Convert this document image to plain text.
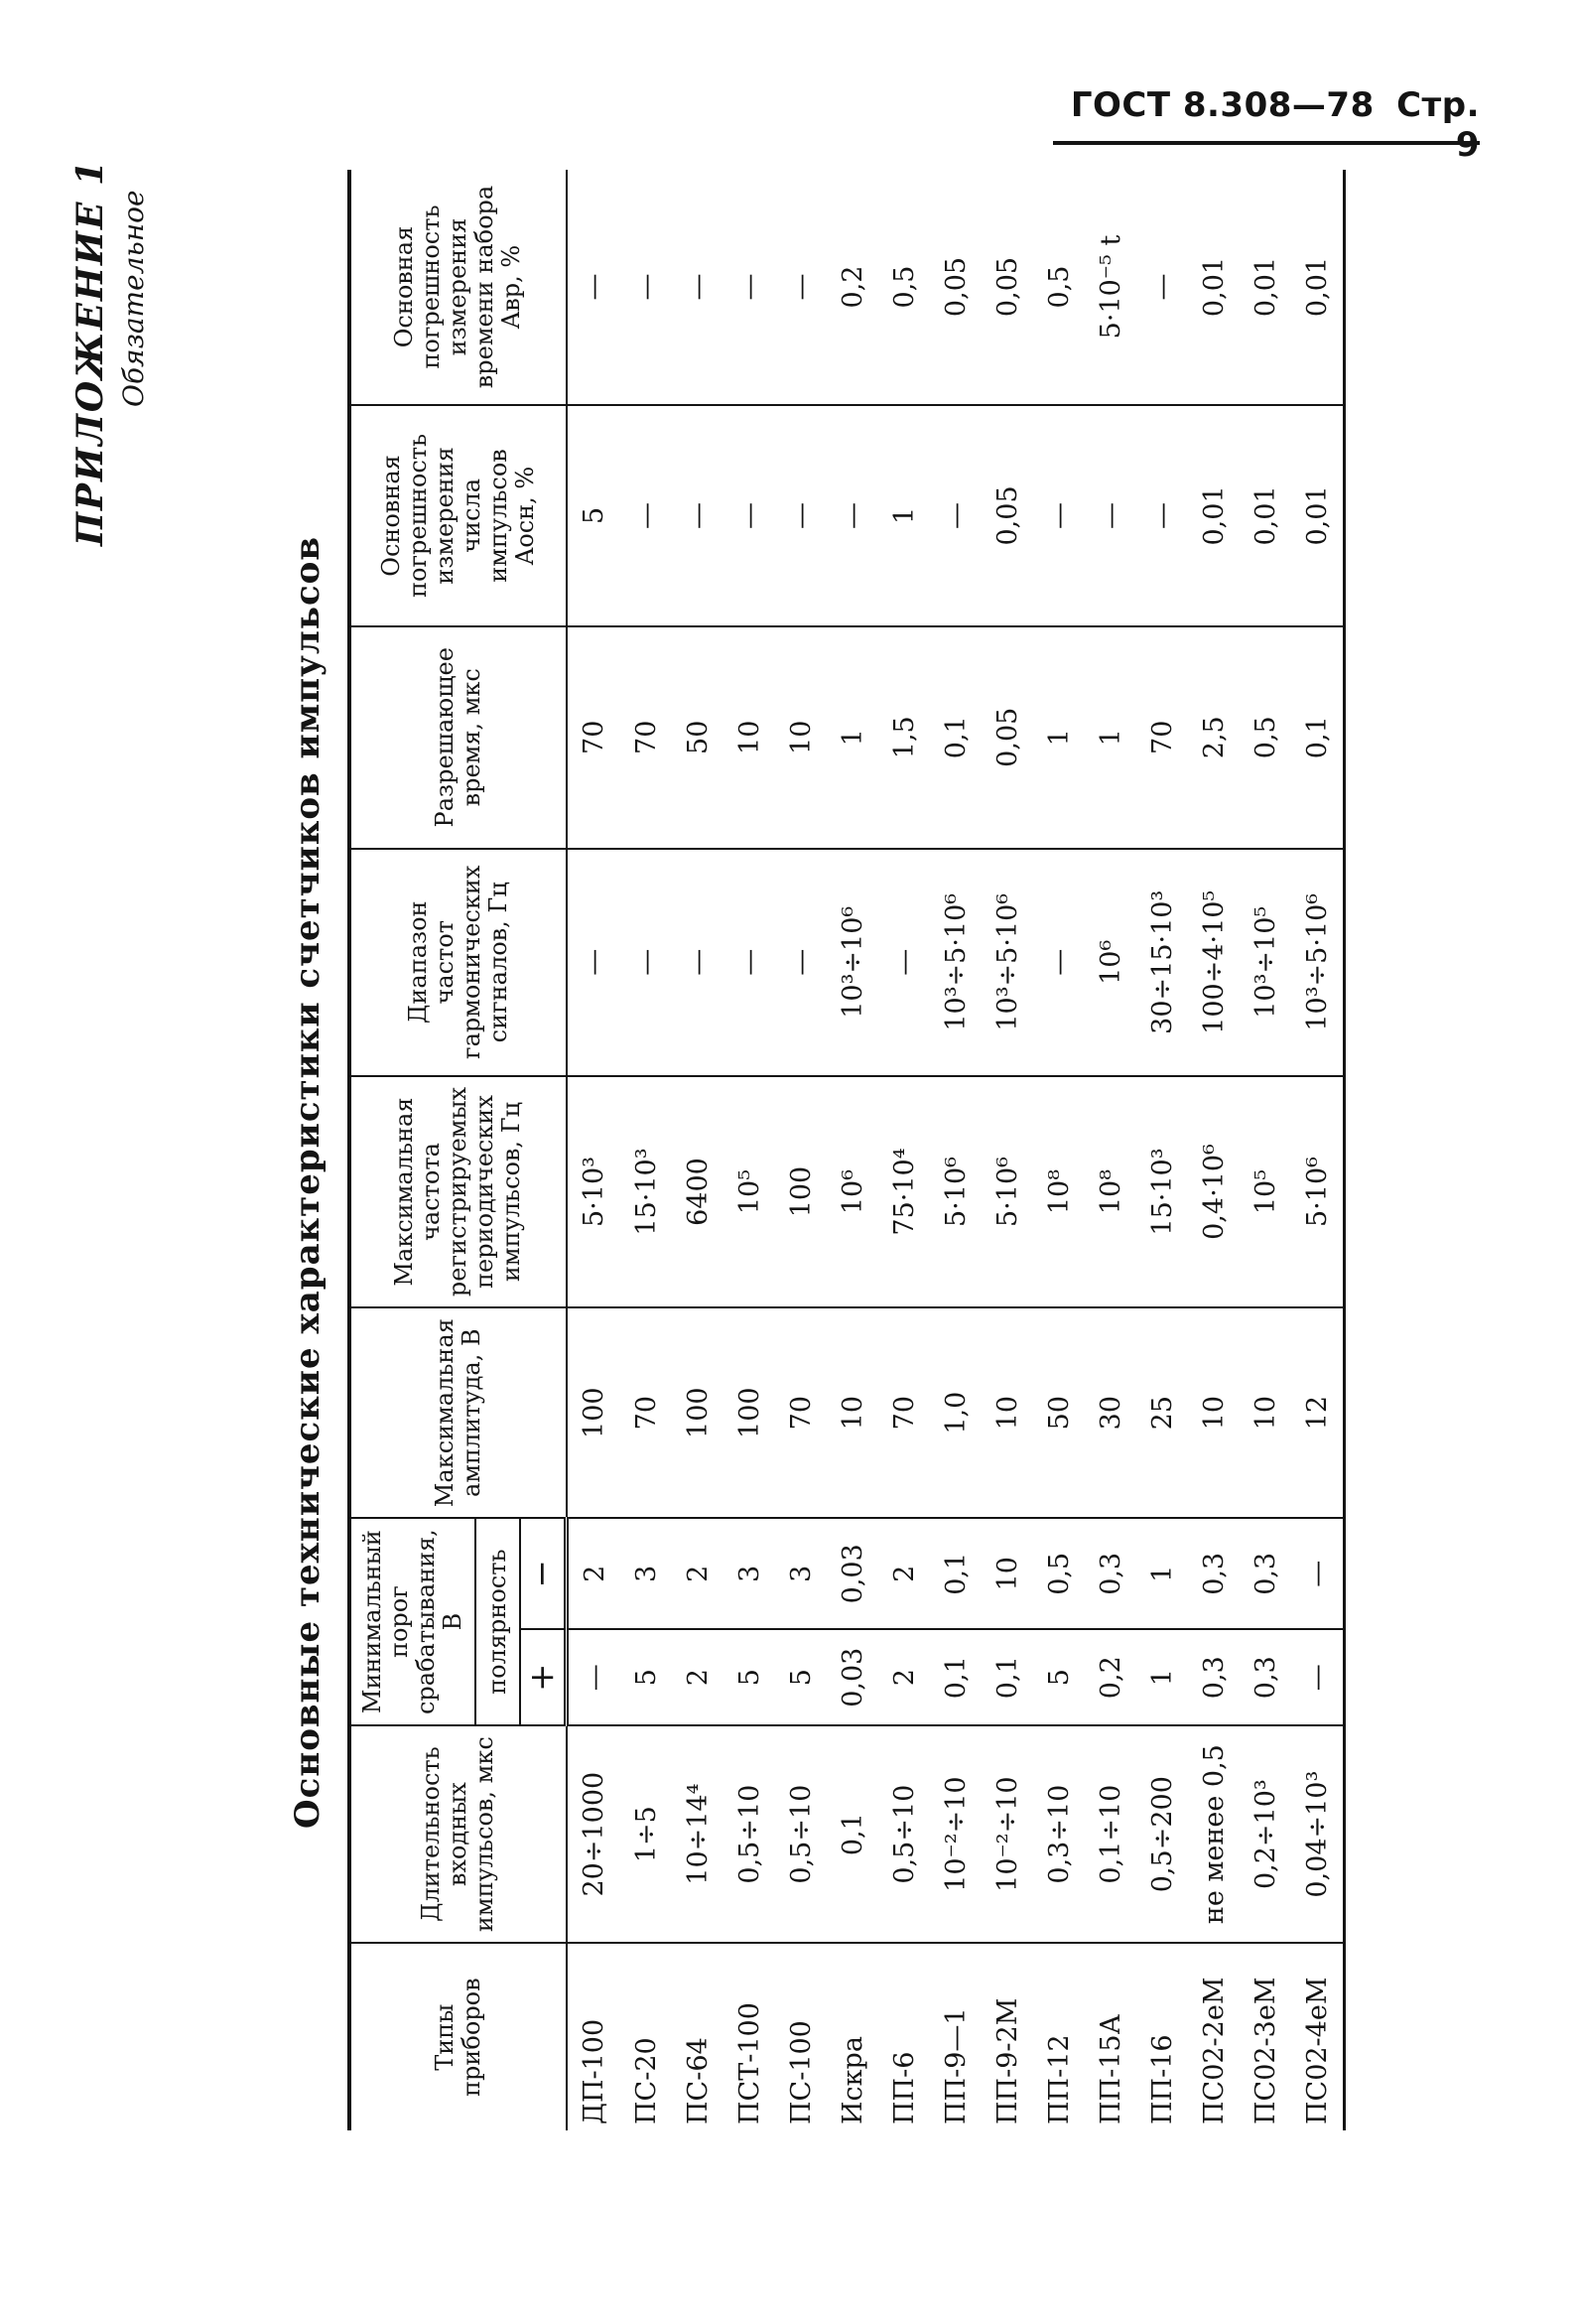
ГОСТ 8.308—78 Стр. 9
ПРИЛОЖЕНИЕ 1 Обязательное
Основные технические характеристики счетчиков импульсов
Типы приборов	Длительность входных импульсов, мкс	Минимальный порог срабатывания, В		Максимальная амплитуда, В	Максимальная частота регистрируемых периодических импульсов, Гц	Диапазон частот гармонических сигналов, Гц	Разрешающее время, мкс	Основная погрешность измерения числа импульсов Aосн, %	Основная погрешность измерения времени набора Aвр, %
		полярность							
		+	−						
ДП-100	20÷1000	—	2	100	5·10³	—	70	5	—
ПС-20	1÷5	5	3	70	15·10³	—	70	—	—
ПС-64	10÷14⁴	2	2	100	6400	—	50	—	—
ПСТ-100	0,5÷10	5	3	100	10⁵	—	10	—	—
ПС-100	0,5÷10	5	3	70	100	—	10	—	—
Искра	0,1	0,03	0,03	10	10⁶	10³÷10⁶	1	—	0,2
ПП-6	0,5÷10	2	2	70	75·10⁴	—	1,5	1	0,5
ПП-9—1	10⁻²÷10	0,1	0,1	1,0	5·10⁶	10³÷5·10⁶	0,1	—	0,05
ПП-9-2М	10⁻²÷10	0,1	10	10	5·10⁶	10³÷5·10⁶	0,05	0,05	0,05
ПП-12	0,3÷10	5	0,5	50	10⁸	—	1	—	0,5
ПП-15А	0,1÷10	0,2	0,3	30	10⁸	10⁶	1	—	5·10⁻⁵ t
ПП-16	0,5÷200	1	1	25	15·10³	30÷15·10³	70	—	—
ПС02-2еМ	не менее 0,5	0,3	0,3	10	0,4·10⁶	100÷4·10⁵	2,5	0,01	0,01
ПС02-3еМ	0,2÷10³	0,3	0,3	10	10⁵	10³÷10⁵	0,5	0,01	0,01
ПС02-4еМ	0,04÷10³	—	—	12	5·10⁶	10³÷5·10⁶	0,1	0,01	0,01
